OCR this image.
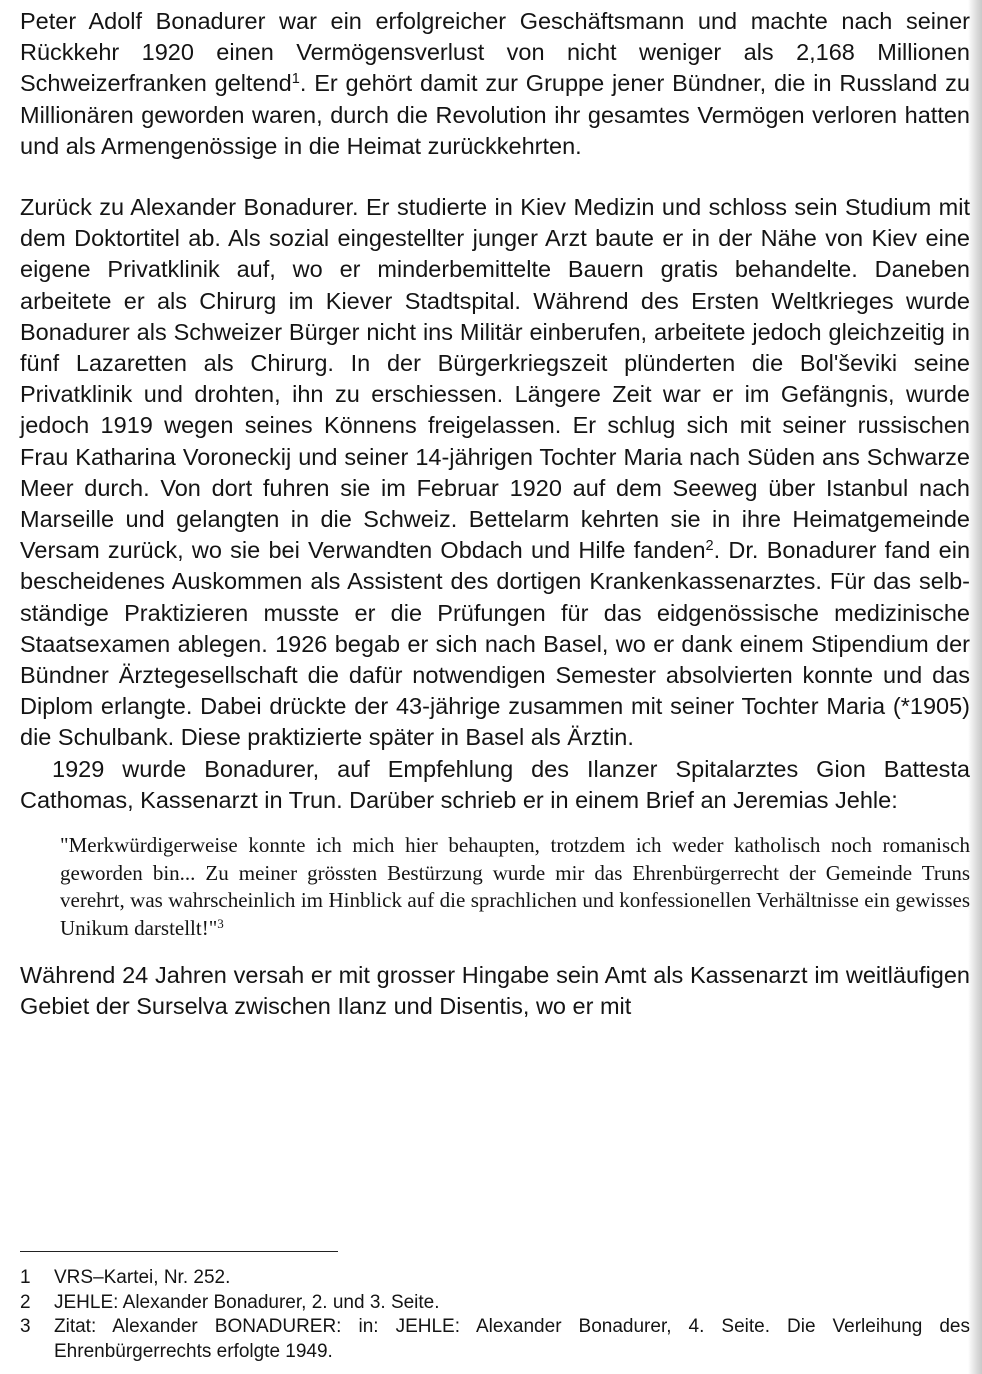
Peter Adolf Bonadurer war ein erfolgreicher Geschäftsmann und machte nach seiner Rückkehr 1920 einen Vermögensverlust von nicht weniger als 2,168 Millionen Schweizerfranken geltend$^1$. Er gehört damit zur Gruppe jener Bündner, die in Russland zu Millionären geworden waren, durch die Revolution ihr gesamtes Vermögen verloren hatten und als Armengenössige in die Heimat zurückkehrten.

Zurück zu Alexander Bonadurer. Er studierte in Kiev Medizin und schloss sein Studium mit dem Doktortitel ab. Als sozial eingestellter junger Arzt baute er in der Nähe von Kiev eine eigene Privatklinik auf, wo er minderbemittelte Bauern gratis behandelte. Daneben arbeitete er als Chirurg im Kiever Stadtspital. Während des Ersten Weltkrieges wurde Bonadurer als Schweizer Bürger nicht ins Militär einberufen, arbeitete jedoch gleichzeitig in fünf Lazaretten als Chirurg. In der Bürgerkriegszeit plünderten die Bol'ševiki seine Privatklinik und drohten, ihn zu erschiessen. Längere Zeit war er im Gefängnis, wurde jedoch 1919 wegen seines Könnens freigelassen. Er schlug sich mit seiner russischen Frau Katharina Voroneckij und seiner 14-jährigen Tochter Maria nach Süden ans Schwarze Meer durch. Von dort fuhren sie im Februar 1920 auf dem Seeweg über Istanbul nach Marseille und gelangten in die Schweiz. Bettelarm kehrten sie in ihre Heimatgemeinde Versam zurück, wo sie bei Verwandten Obdach und Hilfe fanden$^2$. Dr. Bonadurer fand ein bescheidenes Auskommen als Assistent des dortigen Krankenkassenarztes. Für das selbständige Praktizieren musste er die Prüfungen für das eidgenössische medizinische Staatsexamen ablegen. 1926 begab er sich nach Basel, wo er dank einem Stipendium der Bündner Ärztegesellschaft die dafür notwendigen Semester absolvierten konnte und das Diplom erlangte. Dabei drückte der 43-jährige zusammen mit seiner Tochter Maria (*1905) die Schulbank. Diese praktizierte später in Basel als Ärztin.

1929 wurde Bonadurer, auf Empfehlung des Ilanzer Spitalarztes Gion Battesta Cathomas, Kassenarzt in Trun. Darüber schrieb er in einem Brief an Jeremias Jehle:

"Merkwürdigerweise konnte ich mich hier behaupten, trotzdem ich weder katholisch noch romanisch geworden bin... Zu meiner grössten Bestürzung wurde mir das Ehrenbürgerrecht der Gemeinde Truns verehrt, was wahrscheinlich im Hinblick auf die sprachlichen und konfessionellen Verhältnisse ein gewisses Unikum darstellt!"$^3$

Während 24 Jahren versah er mit grosser Hingabe sein Amt als Kassenarzt im weitläufigen Gebiet der Surselva zwischen Ilanz und Disentis, wo er mit

1	VRS–Kartei, Nr. 252.
2	JEHLE: Alexander Bonadurer, 2. und 3. Seite.
3	Zitat: Alexander BONADURER: in: JEHLE: Alexander Bonadurer, 4. Seite. Die Verleihung des Ehrenbürgerrechts erfolgte 1949.
